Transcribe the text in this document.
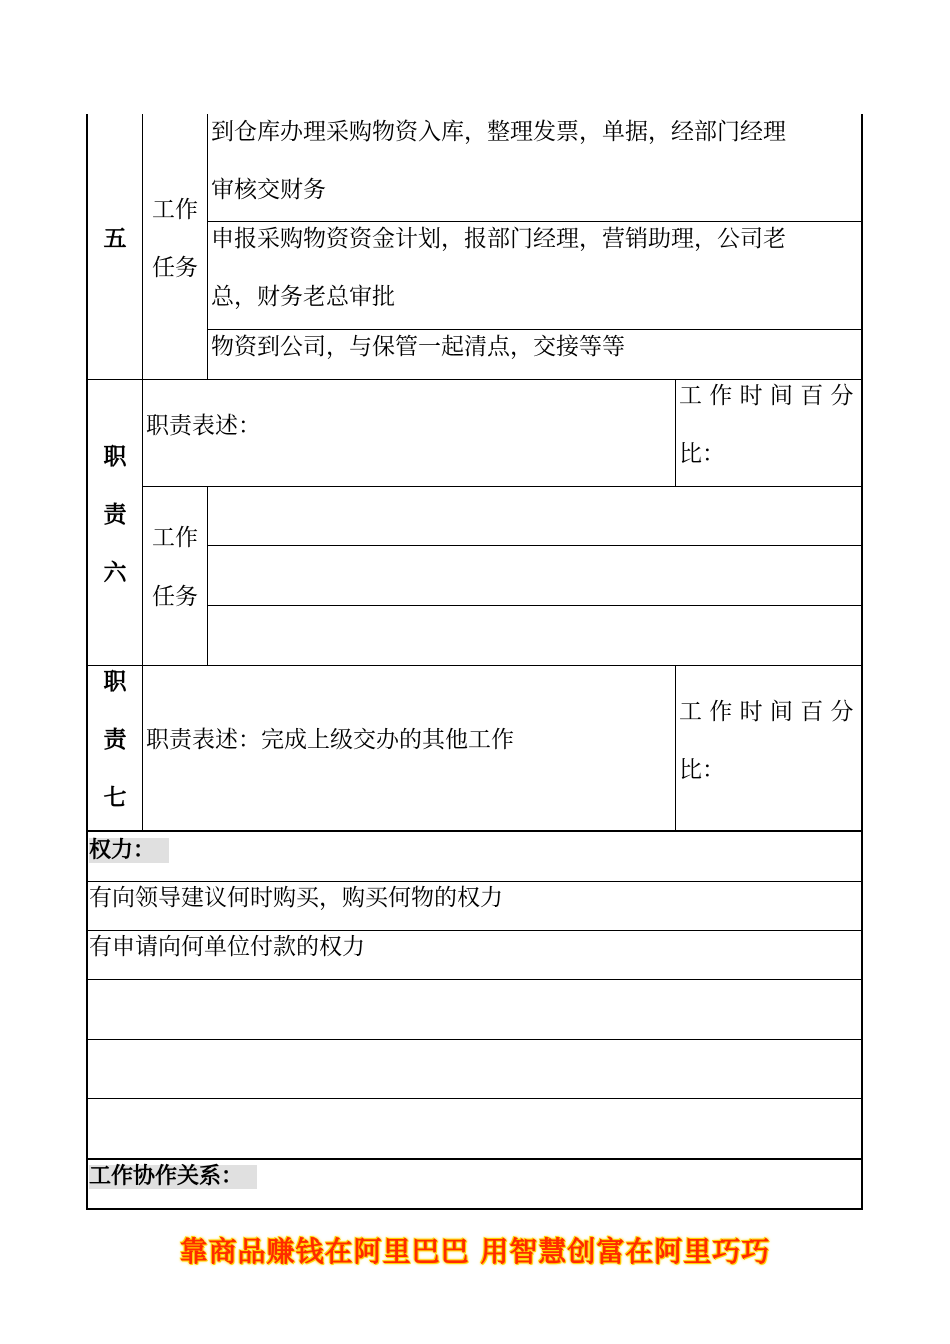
五
工作
任务
到仓库办理采购物资入库，整理发票，单据，经部门经理
审核交财务
申报采购物资资金计划，报部门经理，营销助理，公司老
总，财务老总审批
物资到公司，与保管一起清点，交接等等
职
责
六
职责表述：
工 作 时 间 百 分
比：
工作
任务
职
责
七
职责表述：完成上级交办的其他工作
工 作 时 间 百 分
比：
权力：
有向领导建议何时购买，购买何物的权力
有申请向何单位付款的权力
工作协作关系：
靠商品赚钱在阿里巴巴 用智慧创富在阿里巧巧
